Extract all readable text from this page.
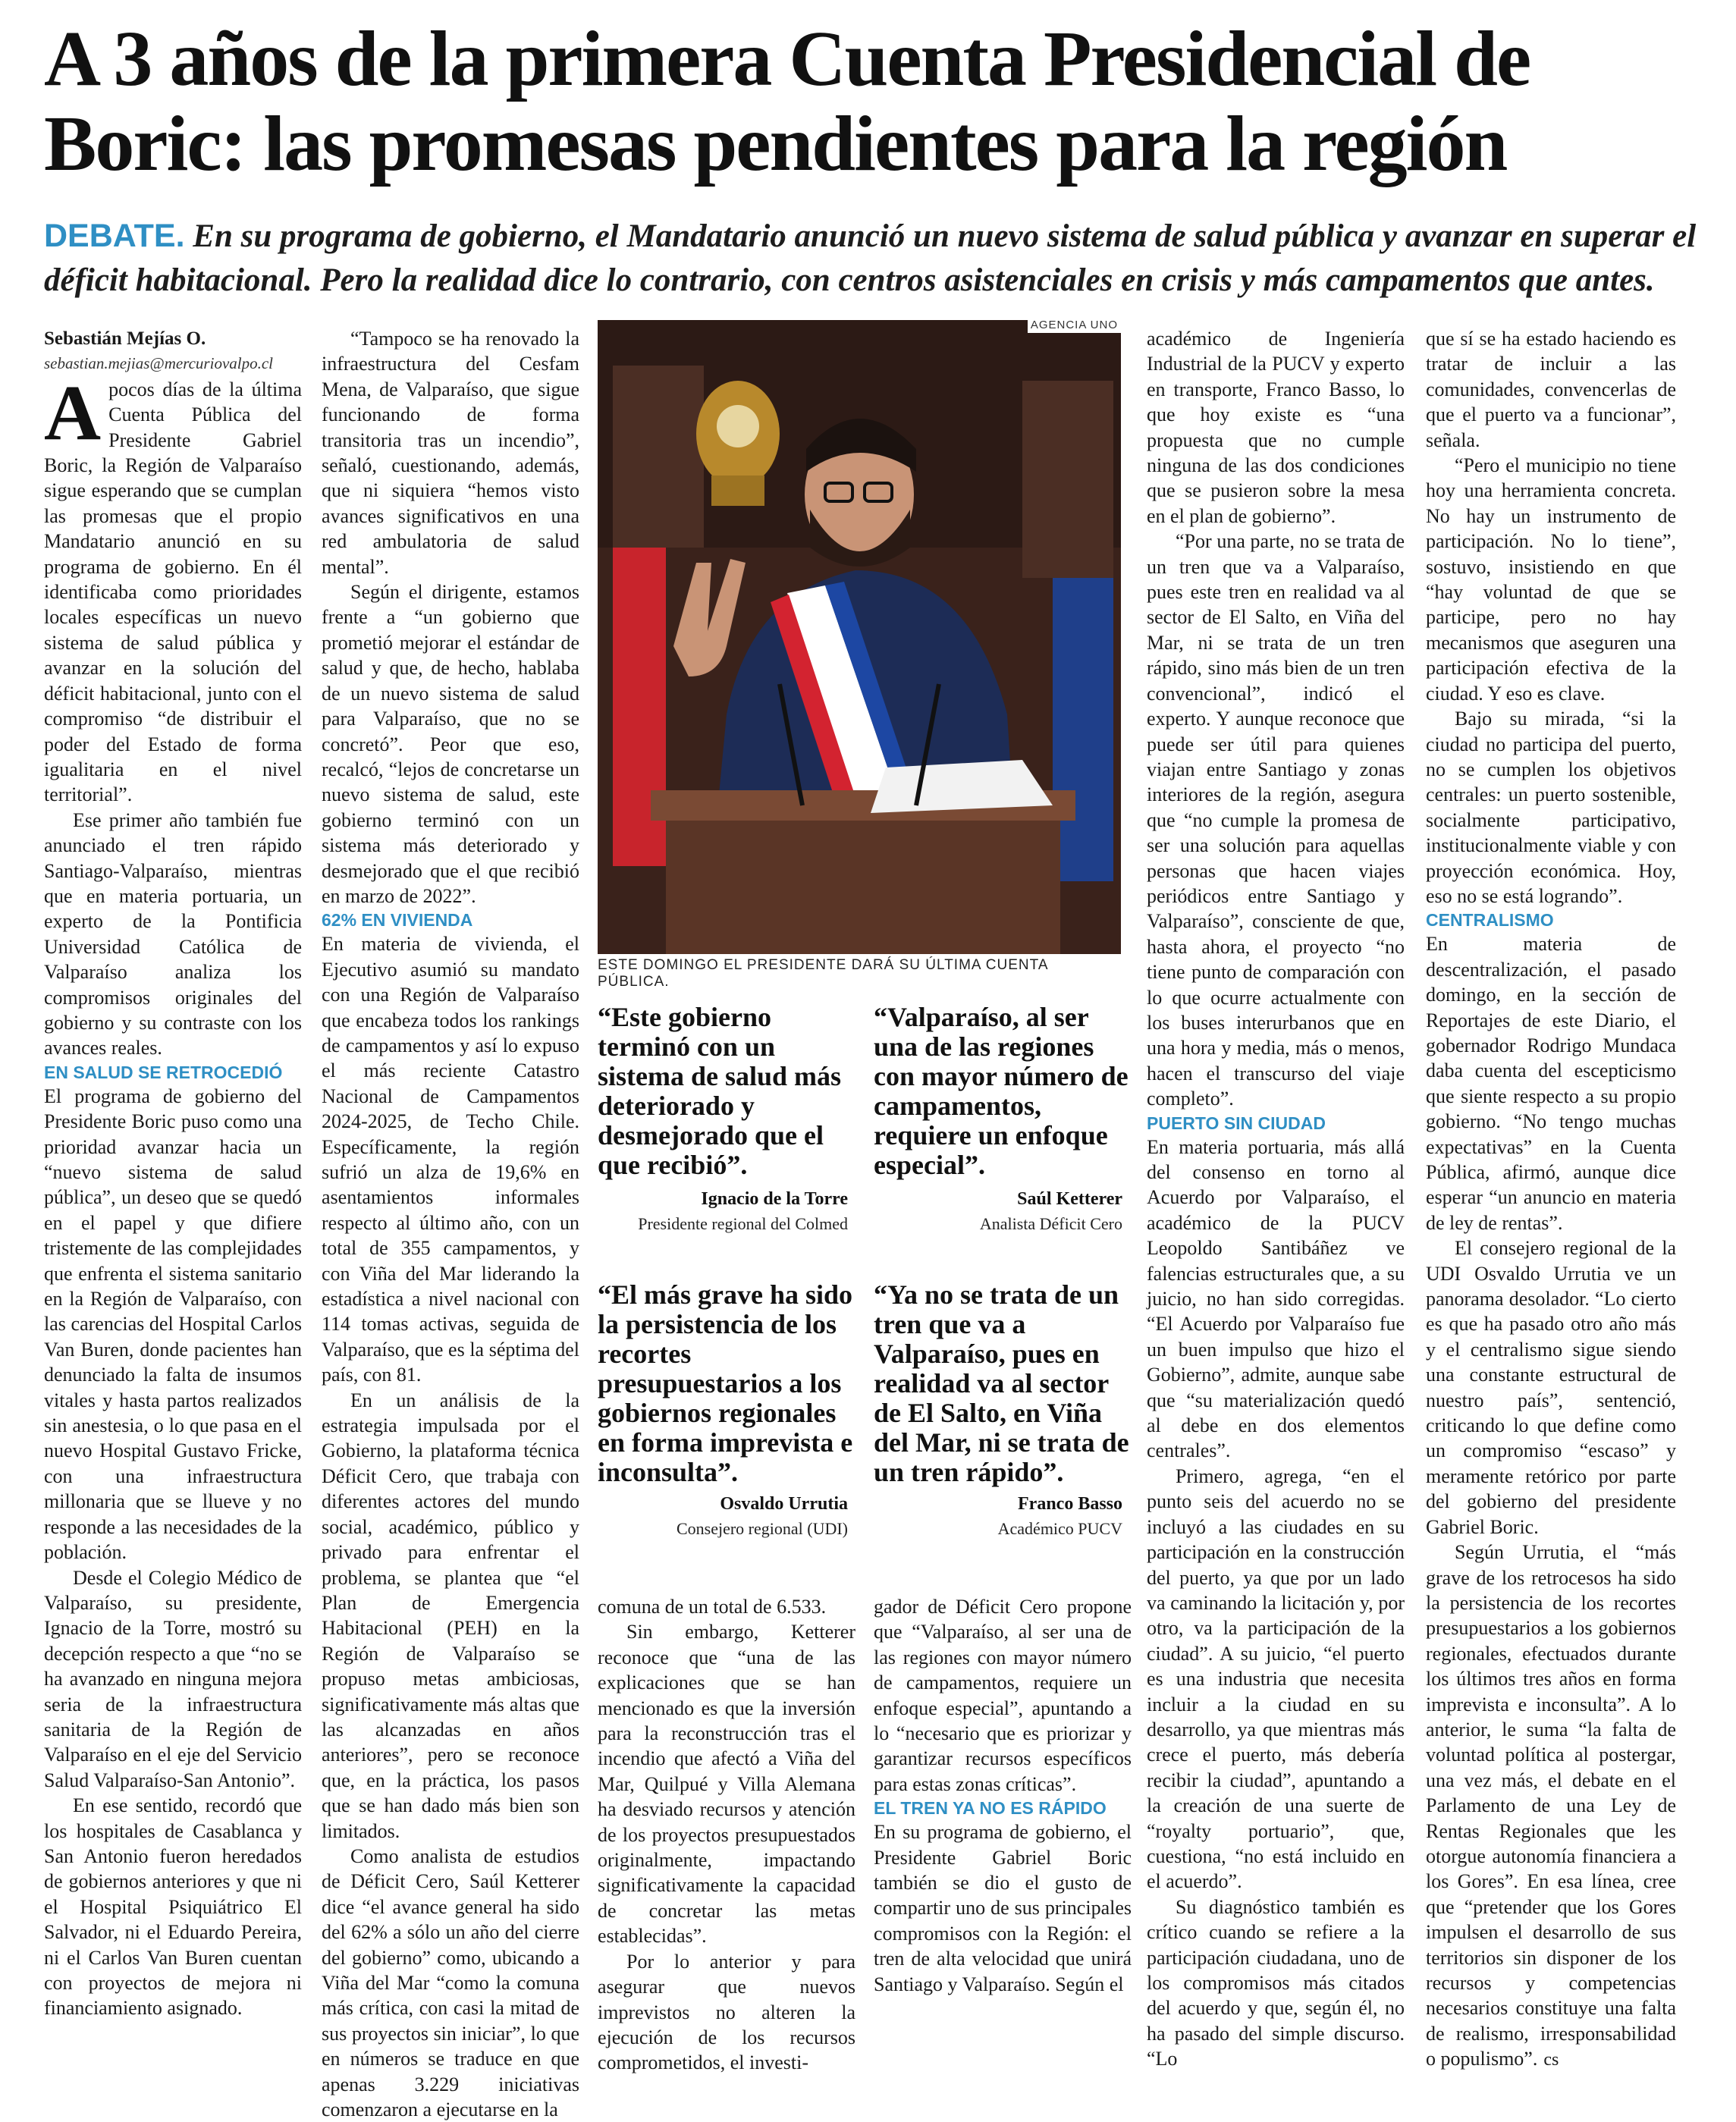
A 3 años de la primera Cuenta Presidencial de Boric: las promesas pendientes para la región

DEBATE. En su programa de gobierno, el Mandatario anunció un nuevo sistema de salud pública y avanzar en superar el déficit habitacional. Pero la realidad dice lo contrario, con centros asistenciales en crisis y más campamentos que antes.

Sebastián Mejías O.

sebastian.mejias@mercuriovalpo.cl

Apocos días de la última Cuenta Pública del Presidente Gabriel Boric, la Región de Valparaíso sigue esperando que se cumplan las promesas que el propio Mandatario anunció en su programa de gobierno. En él identificaba como prioridades locales específicas un nuevo sistema de salud pública y avanzar en la solución del déficit habitacional, junto con el compromiso “de distribuir el poder del Estado de forma igualitaria en el nivel territorial”.

Ese primer año también fue anunciado el tren rápido Santiago-Valparaíso, mientras que en materia portuaria, un experto de la Pontificia Universidad Católica de Valparaíso analiza los compromisos originales del gobierno y su contraste con los avances reales.

EN SALUD SE RETROCEDIÓ

El programa de gobierno del Presidente Boric puso como una prioridad avanzar hacia un “nuevo sistema de salud pública”, un deseo que se quedó en el papel y que difiere tristemente de las complejidades que enfrenta el sistema sanitario en la Región de Valparaíso, con las carencias del Hospital Carlos Van Buren, donde pacientes han denunciado la falta de insumos vitales y hasta partos realizados sin anestesia, o lo que pasa en el nuevo Hospital Gustavo Fricke, con una infraestructura millonaria que se llueve y no responde a las necesidades de la población.

Desde el Colegio Médico de Valparaíso, su presidente, Ignacio de la Torre, mostró su decepción respecto a que “no se ha avanzado en ninguna mejora seria de la infraestructura sanitaria de la Región de Valparaíso en el eje del Servicio Salud Valparaíso-San Antonio”.

En ese sentido, recordó que los hospitales de Casablanca y San Antonio fueron heredados de gobiernos anteriores y que ni el Hospital Psiquiátrico El Salvador, ni el Eduardo Pereira, ni el Carlos Van Buren cuentan con proyectos de mejora ni financiamiento asignado.

“Tampoco se ha renovado la infraestructura del Cesfam Mena, de Valparaíso, que sigue funcionando de forma transitoria tras un incendio”, señaló, cuestionando, además, que ni siquiera “hemos visto avances significativos en una red ambulatoria de salud mental”.

Según el dirigente, estamos frente a “un gobierno que prometió mejorar el estándar de salud y que, de hecho, hablaba de un nuevo sistema de salud para Valparaíso, que no se concretó”. Peor que eso, recalcó, “lejos de concretarse un nuevo sistema de salud, este gobierno terminó con un sistema más deteriorado y desmejorado que el que recibió en marzo de 2022”.

62% EN VIVIENDA

En materia de vivienda, el Ejecutivo asumió su mandato con una Región de Valparaíso que encabeza todos los rankings de campamentos y así lo expuso el más reciente Catastro Nacional de Campamentos 2024-2025, de Techo Chile. Específicamente, la región sufrió un alza de 19,6% en asentamientos informales respecto al último año, con un total de 355 campamentos, y con Viña del Mar liderando la estadística a nivel nacional con 114 tomas activas, seguida de Valparaíso, que es la séptima del país, con 81.

En un análisis de la estrategia impulsada por el Gobierno, la plataforma técnica Déficit Cero, que trabaja con diferentes actores del mundo social, académico, público y privado para enfrentar el problema, se plantea que “el Plan de Emergencia Habitacional (PEH) en la Región de Valparaíso se propuso metas ambiciosas, significativamente más altas que las alcanzadas en años anteriores”, pero se reconoce que, en la práctica, los pasos que se han dado más bien son limitados.

Como analista de estudios de Déficit Cero, Saúl Ketterer dice “el avance general ha sido del 62% a sólo un año del cierre del gobierno” como, ubicando a Viña del Mar “como la comuna más crítica, con casi la mitad de sus proyectos sin iniciar”, lo que en números se traduce en que apenas 3.229 iniciativas comenzaron a ejecutarse en la

AGENCIA UNO
ESTE DOMINGO EL PRESIDENTE DARÁ SU ÚLTIMA CUENTA PÚBLICA.
“Este gobierno terminó con un sistema de salud más deteriorado y desmejorado que el que recibió”.
Ignacio de la Torre
Presidente regional del Colmed
“Valparaíso, al ser una de las regiones con mayor número de campamentos, requiere un enfoque especial”.
Saúl Ketterer
Analista Déficit Cero
“El más grave ha sido la persistencia de los recortes presupuestarios a los gobiernos regionales en forma imprevista e inconsulta”.
Osvaldo Urrutia
Consejero regional (UDI)
“Ya no se trata de un tren que va a Valparaíso, pues en realidad va al sector de El Salto, en Viña del Mar, ni se trata de un tren rápido”.
Franco Basso
Académico PUCV

comuna de un total de 6.533.

Sin embargo, Ketterer reconoce que “una de las explicaciones que se han mencionado es que la inversión para la reconstrucción tras el incendio que afectó a Viña del Mar, Quilpué y Villa Alemana ha desviado recursos y atención de los proyectos presupuestados originalmente, impactando significativamente la capacidad de concretar las metas establecidas”.

Por lo anterior y para asegurar que nuevos imprevistos no alteren la ejecución de los recursos comprometidos, el investi-

gador de Déficit Cero propone que “Valparaíso, al ser una de las regiones con mayor número de campamentos, requiere un enfoque especial”, apuntando a lo “necesario que es priorizar y garantizar recursos específicos para estas zonas críticas”.

EL TREN YA NO ES RÁPIDO

En su programa de gobierno, el Presidente Gabriel Boric también se dio el gusto de compartir uno de sus principales compromisos con la Región: el tren de alta velocidad que unirá Santiago y Valparaíso. Según el

académico de Ingeniería Industrial de la PUCV y experto en transporte, Franco Basso, lo que hoy existe es “una propuesta que no cumple ninguna de las dos condiciones que se pusieron sobre la mesa en el plan de gobierno”.

“Por una parte, no se trata de un tren que va a Valparaíso, pues este tren en realidad va al sector de El Salto, en Viña del Mar, ni se trata de un tren rápido, sino más bien de un tren convencional”, indicó el experto. Y aunque reconoce que puede ser útil para quienes viajan entre Santiago y zonas interiores de la región, asegura que “no cumple la promesa de ser una solución para aquellas personas que hacen viajes periódicos entre Santiago y Valparaíso”, consciente de que, hasta ahora, el proyecto “no tiene punto de comparación con lo que ocurre actualmente con los buses interurbanos que en una hora y media, más o menos, hacen el transcurso del viaje completo”.

PUERTO SIN CIUDAD

En materia portuaria, más allá del consenso en torno al Acuerdo por Valparaíso, el académico de la PUCV Leopoldo Santibáñez ve falencias estructurales que, a su juicio, no han sido corregidas. “El Acuerdo por Valparaíso fue un buen impulso que hizo el Gobierno”, admite, aunque sabe que “su materialización quedó al debe en dos elementos centrales”.

Primero, agrega, “en el punto seis del acuerdo no se incluyó a las ciudades en su participación en la construcción del puerto, ya que por un lado va caminando la licitación y, por otro, va la participación de la ciudad”. A su juicio, “el puerto es una industria que necesita incluir a la ciudad en su desarrollo, ya que mientras más crece el puerto, más debería recibir la ciudad”, apuntando a la creación de una suerte de “royalty portuario”, que, cuestiona, “no está incluido en el acuerdo”.

Su diagnóstico también es crítico cuando se refiere a la participación ciudadana, uno de los compromisos más citados del acuerdo y que, según él, no ha pasado del simple discurso. “Lo

que sí se ha estado haciendo es tratar de incluir a las comunidades, convencerlas de que el puerto va a funcionar”, señala.

“Pero el municipio no tiene hoy una herramienta concreta. No hay un instrumento de participación. No lo tiene”, sostuvo, insistiendo en que “hay voluntad de que se participe, pero no hay mecanismos que aseguren una participación efectiva de la ciudad. Y eso es clave.

Bajo su mirada, “si la ciudad no participa del puerto, no se cumplen los objetivos centrales: un puerto sostenible, socialmente participativo, institucionalmente viable y con proyección económica. Hoy, eso no se está logrando”.

CENTRALISMO

En materia de descentralización, el pasado domingo, en la sección de Reportajes de este Diario, el gobernador Rodrigo Mundaca daba cuenta del escepticismo que siente respecto a su propio gobierno. “No tengo muchas expectativas” en la Cuenta Pública, afirmó, aunque dice esperar “un anuncio en materia de ley de rentas”.

El consejero regional de la UDI Osvaldo Urrutia ve un panorama desolador. “Lo cierto es que ha pasado otro año más y el centralismo sigue siendo una constante estructural de nuestro país”, sentenció, criticando lo que define como un compromiso “escaso” y meramente retórico por parte del gobierno del presidente Gabriel Boric.

Según Urrutia, el “más grave de los retrocesos ha sido la persistencia de los recortes presupuestarios a los gobiernos regionales, efectuados durante los últimos tres años en forma imprevista e inconsulta”. A lo anterior, le suma “la falta de voluntad política al postergar, una vez más, el debate en el Parlamento de una Ley de Rentas Regionales que les otorgue autonomía financiera a los Gores”. En esa línea, cree que “pretender que los Gores impulsen el desarrollo de sus territorios sin disponer de los recursos y competencias necesarios constituye una falta de realismo, irresponsabilidad o populismo”. cs
